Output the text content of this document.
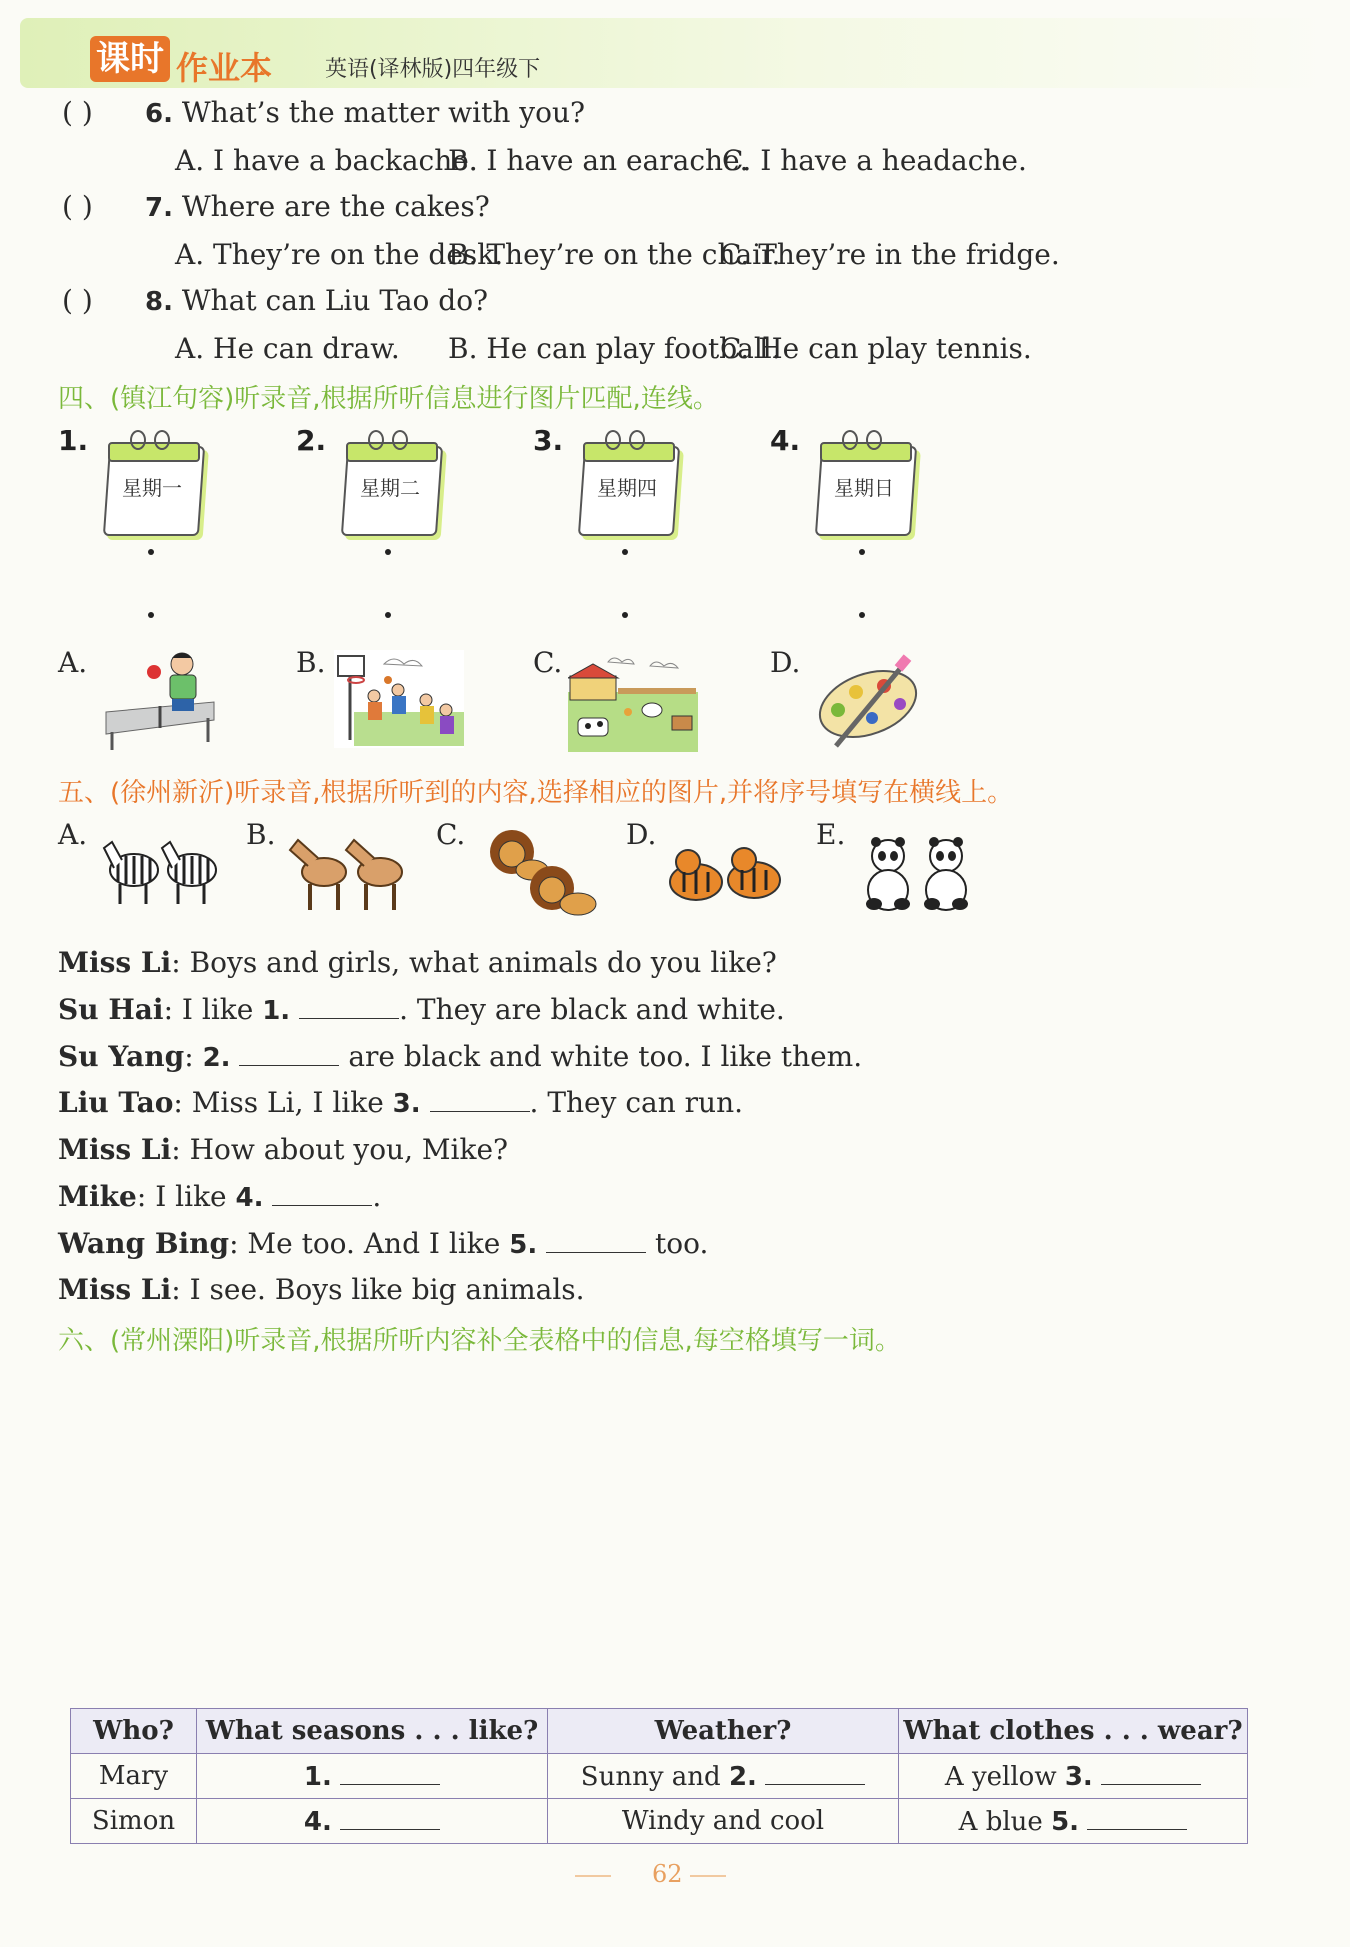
课时 作业本 英语(译林版)四年级下
( ) 6. What’s the matter with you?
A. I have a backache.
B. I have an earache.
C. I have a headache.
( ) 7. Where are the cakes?
A. They’re on the desk.
B. They’re on the chair.
C. They’re in the fridge.
( ) 8. What can Liu Tao do?
A. He can draw. B. He can play football.
C. He can play tennis.
四、(镇江句容)听录音,根据所听信息进行图片匹配,连线。
1.
星期一
2.
星期二
3.
星期四
4.
星期日
A.	B.	C.	D.
五、(徐州新沂)听录音,根据所听到的内容,选择相应的图片,并将序号填写在横线上。
A.	B.	C.	D.	E.
Miss Li: Boys and girls, what animals do you like?
Su Hai: I like 1.	. They are black and white.
Su Yang: 2.	are black and white too. I like them.
Liu Tao: Miss Li, I like 3.	. They can run.
Miss Li: How about you, Mike?
Mike: I like 4.	.
Wang Bing: Me too. And I like 5.	too.
Miss Li: I see. Boys like big animals.
六、(常州溧阳)听录音,根据所听内容补全表格中的信息,每空格填写一词。
Who?	What seasons . . . like?	Weather?	What clothes . . . wear?
Mary	1.	Sunny and 2.	A yellow 3.
Simon	4.	Windy and cool	A blue 5.
62
